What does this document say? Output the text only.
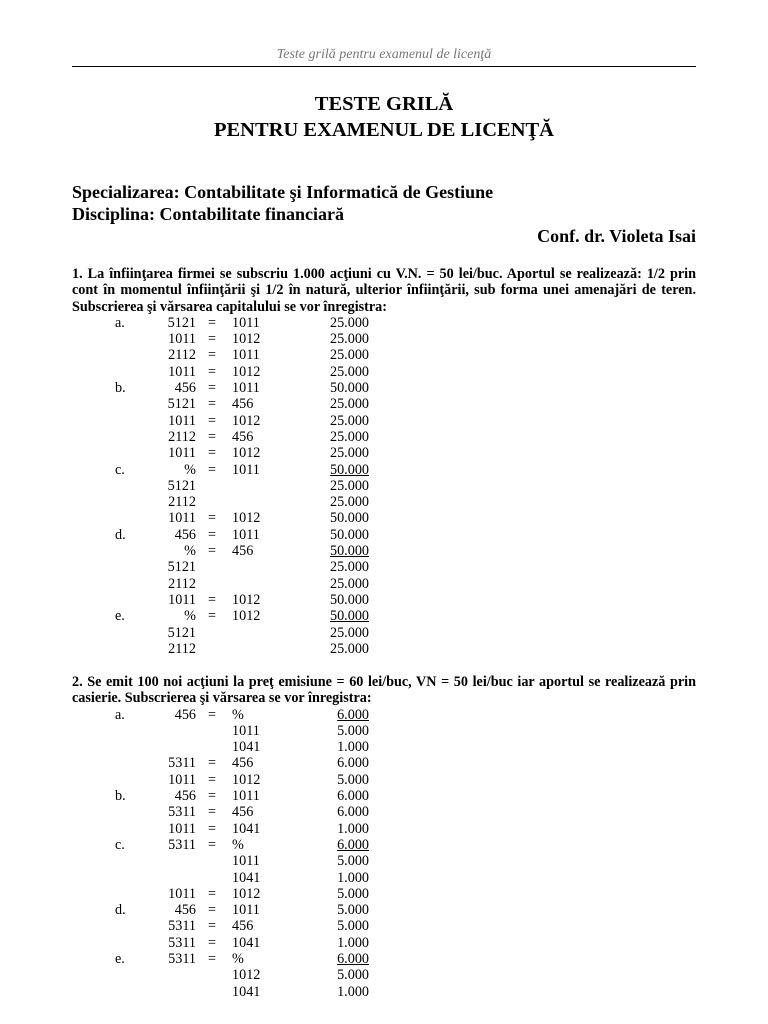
Teste grilă pentru examenul de licenţă
TESTE GRILĂ
PENTRU EXAMENUL DE LICENŢĂ
Specializarea: Contabilitate şi Informatică de Gestiune
Disciplina: Contabilitate financiară
Conf. dr. Violeta Isai
1. La înfiinţarea firmei se subscriu 1.000 acţiuni cu V.N. = 50 lei/buc. Aportul se realizează: 1/2 prin
cont în momentul înfiinţării şi 1/2 în natură, ulterior înfiinţării, sub forma unei amenajări de teren.
Subscrierea şi vărsarea capitalului se vor înregistra:
a.	5121 = 1011	25.000
1011 = 1012	25.000
2112 = 1011	25.000
1011 = 1012	25.000
b.	456 = 1011	50.000
5121 = 456	25.000
1011 = 1012	25.000
2112 = 456	25.000
1011 = 1012	25.000
c.	% = 1011	50.000
5121	25.000
2112	25.000
1011 = 1012	50.000
d.	456 = 1011	50.000
% = 456	50.000
5121	25.000
2112	25.000
1011 = 1012	50.000
e.	% = 1012	50.000
5121	25.000
2112	25.000
2. Se emit 100 noi acţiuni la preţ emisiune = 60 lei/buc, VN = 50 lei/buc iar aportul se realizează prin
casierie. Subscrierea şi vărsarea se vor înregistra:
a.	456 = %	6.000
1011	5.000
1041	1.000
5311 = 456	6.000
1011 = 1012	5.000
b.	456 = 1011	6.000
5311 = 456	6.000
1011 = 1041	1.000
c.	5311 = %	6.000
1011	5.000
1041	1.000
1011 = 1012	5.000
d.	456 = 1011	5.000
5311 = 456	5.000
5311 = 1041	1.000
e.	5311 = %	6.000
1012	5.000
1041	1.000
